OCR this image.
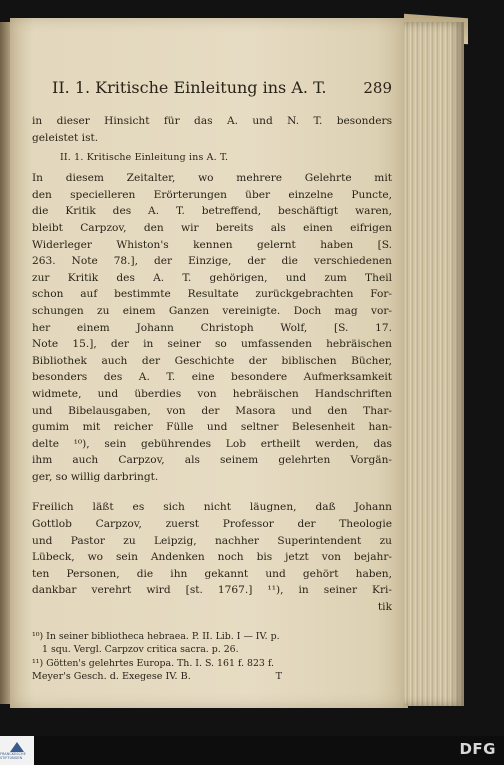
II. 1. Kritische Einleitung ins A. T. 289
in dieser Hinsicht für das A. und N. T. besonders
geleistet ist.
II. 1. Kritische Einleitung ins A. T.
In diesem Zeitalter, wo mehrere Gelehrte mit
den specielleren Erörterungen über einzelne Puncte,
die Kritik des A. T. betreffend, beschäftigt waren,
bleibt Carpzov, den wir bereits als einen eifrigen
Widerleger Whiston's kennen gelernt haben [S.
263. Note 78.], der Einzige, der die verschiedenen
zur Kritik des A. T. gehörigen, und zum Theil
schon auf bestimmte Resultate zurückgebrachten For-
schungen zu einem Ganzen vereinigte. Doch mag vor-
her einem Johann Christoph Wolf, [S. 17.
Note 15.], der in seiner so umfassenden hebräischen
Bibliothek auch der Geschichte der biblischen Bücher,
besonders des A. T. eine besondere Aufmerksamkeit
widmete, und überdies von hebräischen Handschriften
und Bibelausgaben, von der Masora und den Thar-
gumim mit reicher Fülle und seltner Belesenheit han-
delte ¹⁰), sein gebührendes Lob ertheilt werden, das
ihm auch Carpzov, als seinem gelehrten Vorgän-
ger, so willig darbringt.
Freilich läßt es sich nicht läugnen, daß Johann
Gottlob Carpzov, zuerst Professor der Theologie
und Pastor zu Leipzig, nachher Superintendent zu
Lübeck, wo sein Andenken noch bis jetzt von bejahr-
ten Personen, die ihn gekannt und gehört haben,
dankbar verehrt wird [st. 1767.] ¹¹), in seiner Kri-
tik
¹⁰) In seiner bibliotheca hebraea. P. II. Lib. I — IV. p.
1 squ. Vergl. Carpzov critica sacra. p. 26.
¹¹) Götten's gelehrtes Europa. Th. I. S. 161 f. 823 f.
Meyer's Gesch. d. Exegese IV. B.	T
FRANCKESCHE STIFTUNGEN	DFG
